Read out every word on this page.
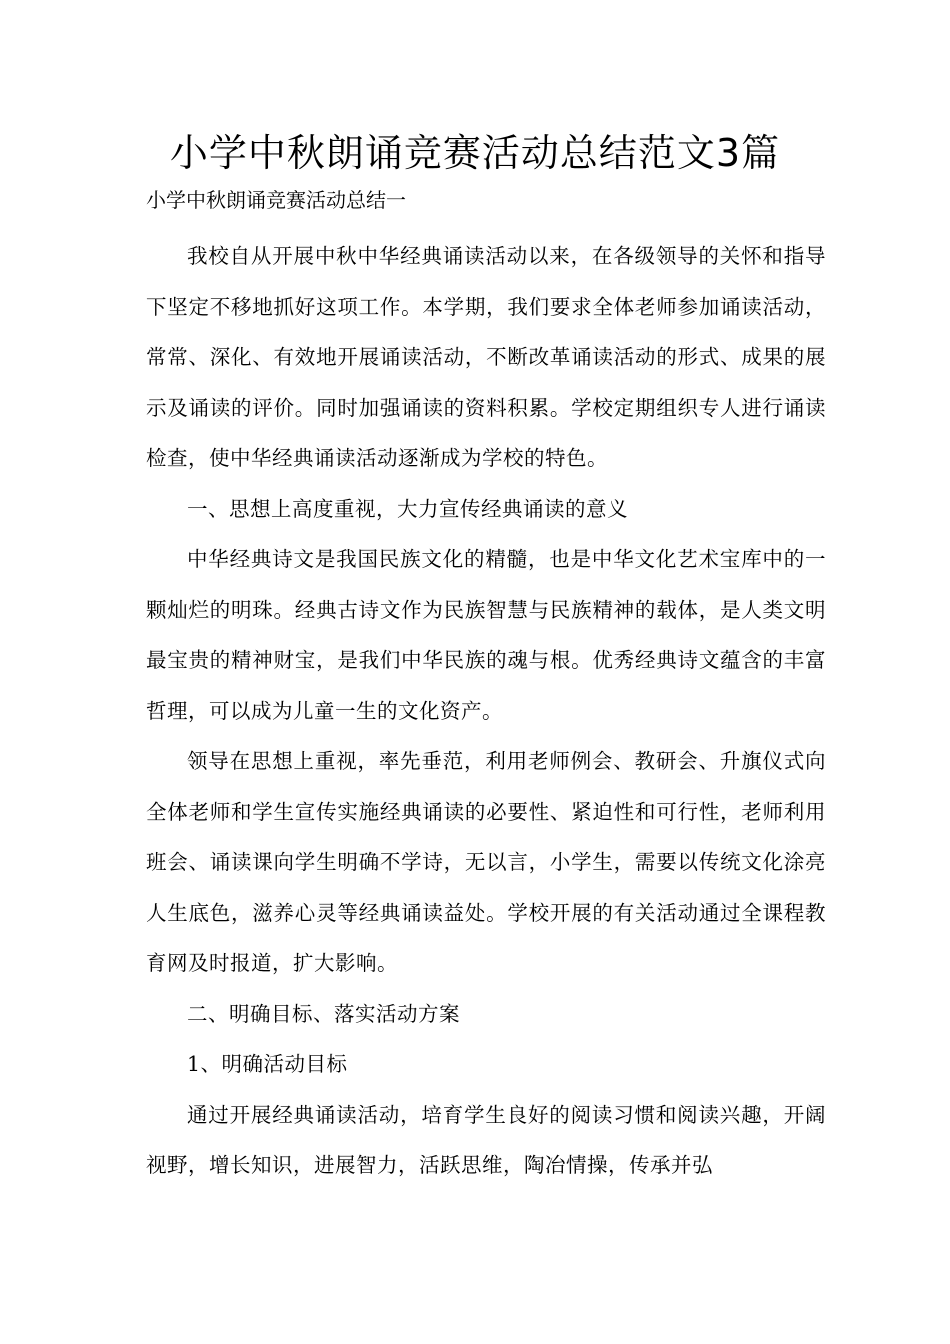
小学中秋朗诵竞赛活动总结范文3篇
小学中秋朗诵竞赛活动总结一

我校自从开展中秋中华经典诵读活动以来，在各级领导的关怀和指导下坚定不移地抓好这项工作。本学期，我们要求全体老师参加诵读活动，常常、深化、有效地开展诵读活动，不断改革诵读活动的形式、成果的展示及诵读的评价。同时加强诵读的资料积累。学校定期组织专人进行诵读检查，使中华经典诵读活动逐渐成为学校的特色。

一、思想上高度重视，大力宣传经典诵读的意义

中华经典诗文是我国民族文化的精髓，也是中华文化艺术宝库中的一颗灿烂的明珠。经典古诗文作为民族智慧与民族精神的载体，是人类文明最宝贵的精神财宝，是我们中华民族的魂与根。优秀经典诗文蕴含的丰富哲理，可以成为儿童一生的文化资产。

领导在思想上重视，率先垂范，利用老师例会、教研会、升旗仪式向全体老师和学生宣传实施经典诵读的必要性、紧迫性和可行性，老师利用班会、诵读课向学生明确不学诗，无以言，小学生，需要以传统文化涂亮人生底色，滋养心灵等经典诵读益处。学校开展的有关活动通过全课程教育网及时报道，扩大影响。

二、明确目标、落实活动方案

1、明确活动目标

通过开展经典诵读活动，培育学生良好的阅读习惯和阅读兴趣，开阔视野，增长知识，进展智力，活跃思维，陶冶情操，传承并弘
